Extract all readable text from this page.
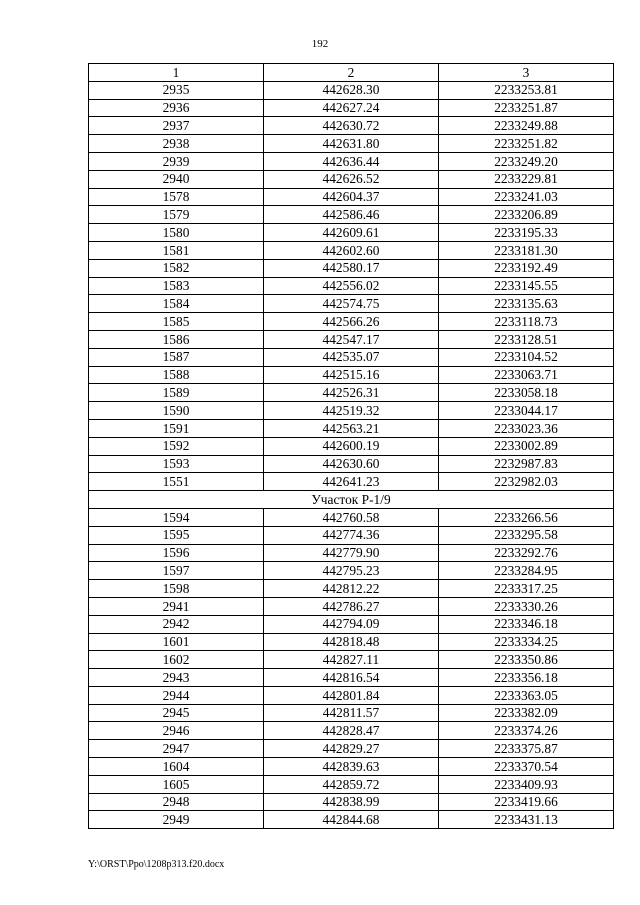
192
1	2	3
2935	442628.30	2233253.81
2936	442627.24	2233251.87
2937	442630.72	2233249.88
2938	442631.80	2233251.82
2939	442636.44	2233249.20
2940	442626.52	2233229.81
1578	442604.37	2233241.03
1579	442586.46	2233206.89
1580	442609.61	2233195.33
1581	442602.60	2233181.30
1582	442580.17	2233192.49
1583	442556.02	2233145.55
1584	442574.75	2233135.63
1585	442566.26	2233118.73
1586	442547.17	2233128.51
1587	442535.07	2233104.52
1588	442515.16	2233063.71
1589	442526.31	2233058.18
1590	442519.32	2233044.17
1591	442563.21	2233023.36
1592	442600.19	2233002.89
1593	442630.60	2232987.83
1551	442641.23	2232982.03
Участок Р-1/9		
1594	442760.58	2233266.56
1595	442774.36	2233295.58
1596	442779.90	2233292.76
1597	442795.23	2233284.95
1598	442812.22	2233317.25
2941	442786.27	2233330.26
2942	442794.09	2233346.18
1601	442818.48	2233334.25
1602	442827.11	2233350.86
2943	442816.54	2233356.18
2944	442801.84	2233363.05
2945	442811.57	2233382.09
2946	442828.47	2233374.26
2947	442829.27	2233375.87
1604	442839.63	2233370.54
1605	442859.72	2233409.93
2948	442838.99	2233419.66
2949	442844.68	2233431.13
Y:\ORST\Ppo\1208p313.f20.docx
